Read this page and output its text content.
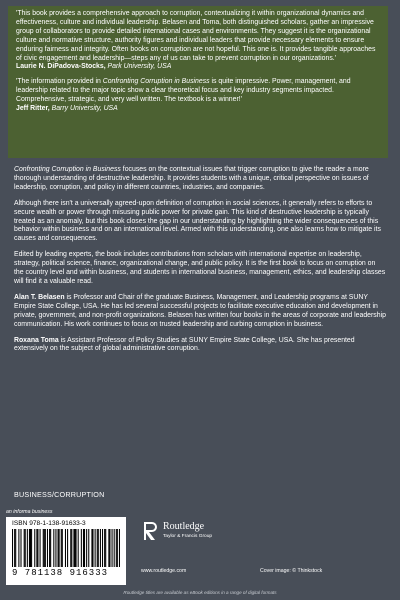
'This book provides a comprehensive approach to corruption, contextualizing it within organizational dynamics and effectiveness, culture and individual leadership. Belasen and Toma, both distinguished scholars, gather an impressive group of collaborators to provide detailed international cases and environments. They suggest it is the organizational culture and normative structure, authority figures and individual leaders that provide necessary elements to ensure enduring fairness and integrity. Often books on corruption are not hopeful. This one is. It provides tangible approaches of civic engagement and leadership—steps any of us can take to prevent corruption in our organizations.'
Laurie N. DiPadova-Stocks, Park University, USA

'The information provided in Confronting Corruption in Business is quite impressive. Power, management, and leadership related to the major topic show a clear theoretical focus and key industry segments impacted. Comprehensive, strategic, and very well written. The textbook is a winner!'
Jeff Ritter, Barry University, USA

Confronting Corruption in Business focuses on the contextual issues that trigger corruption to give the reader a more thorough understanding of destructive leadership. It provides students with a unique, critical perspective on issues of leadership, corruption, and policy in different countries, industries, and companies.

Although there isn't a universally agreed-upon definition of corruption in social sciences, it generally refers to efforts to secure wealth or power through misusing public power for private gain. This kind of destructive leadership is typically treated as an anomaly, but this book closes the gap in our understanding by highlighting the wider consequences of this behavior within business and on an international level. Armed with this understanding, one also learns how to mitigate its causes and consequences.

Edited by leading experts, the book includes contributions from scholars with international expertise on leadership, strategy, political science, finance, organizational change, and public policy. It is the first book to focus on corruption on the country level and within business, and students in international business, management, ethics, and leadership classes will find it a valuable read.

Alan T. Belasen is Professor and Chair of the graduate Business, Management, and Leadership programs at SUNY Empire State College, USA. He has led several successful projects to facilitate executive education and development in private, government, and non-profit organizations. Belasen has written four books in the areas of corporate and leadership communication. His work continues to focus on trusted leadership and curbing corruption in business.

Roxana Toma is Assistant Professor of Policy Studies at SUNY Empire State College, USA. She has presented extensively on the subject of global administrative corruption.

BUSINESS/CORRUPTION
an informa business
ISBN 978-1-138-91633-3
9 781138 916333
Routledge
Taylor & Francis Group
www.routledge.com	Cover image: © Thinkstock
Routledge titles are available as eBook editions in a range of digital formats
